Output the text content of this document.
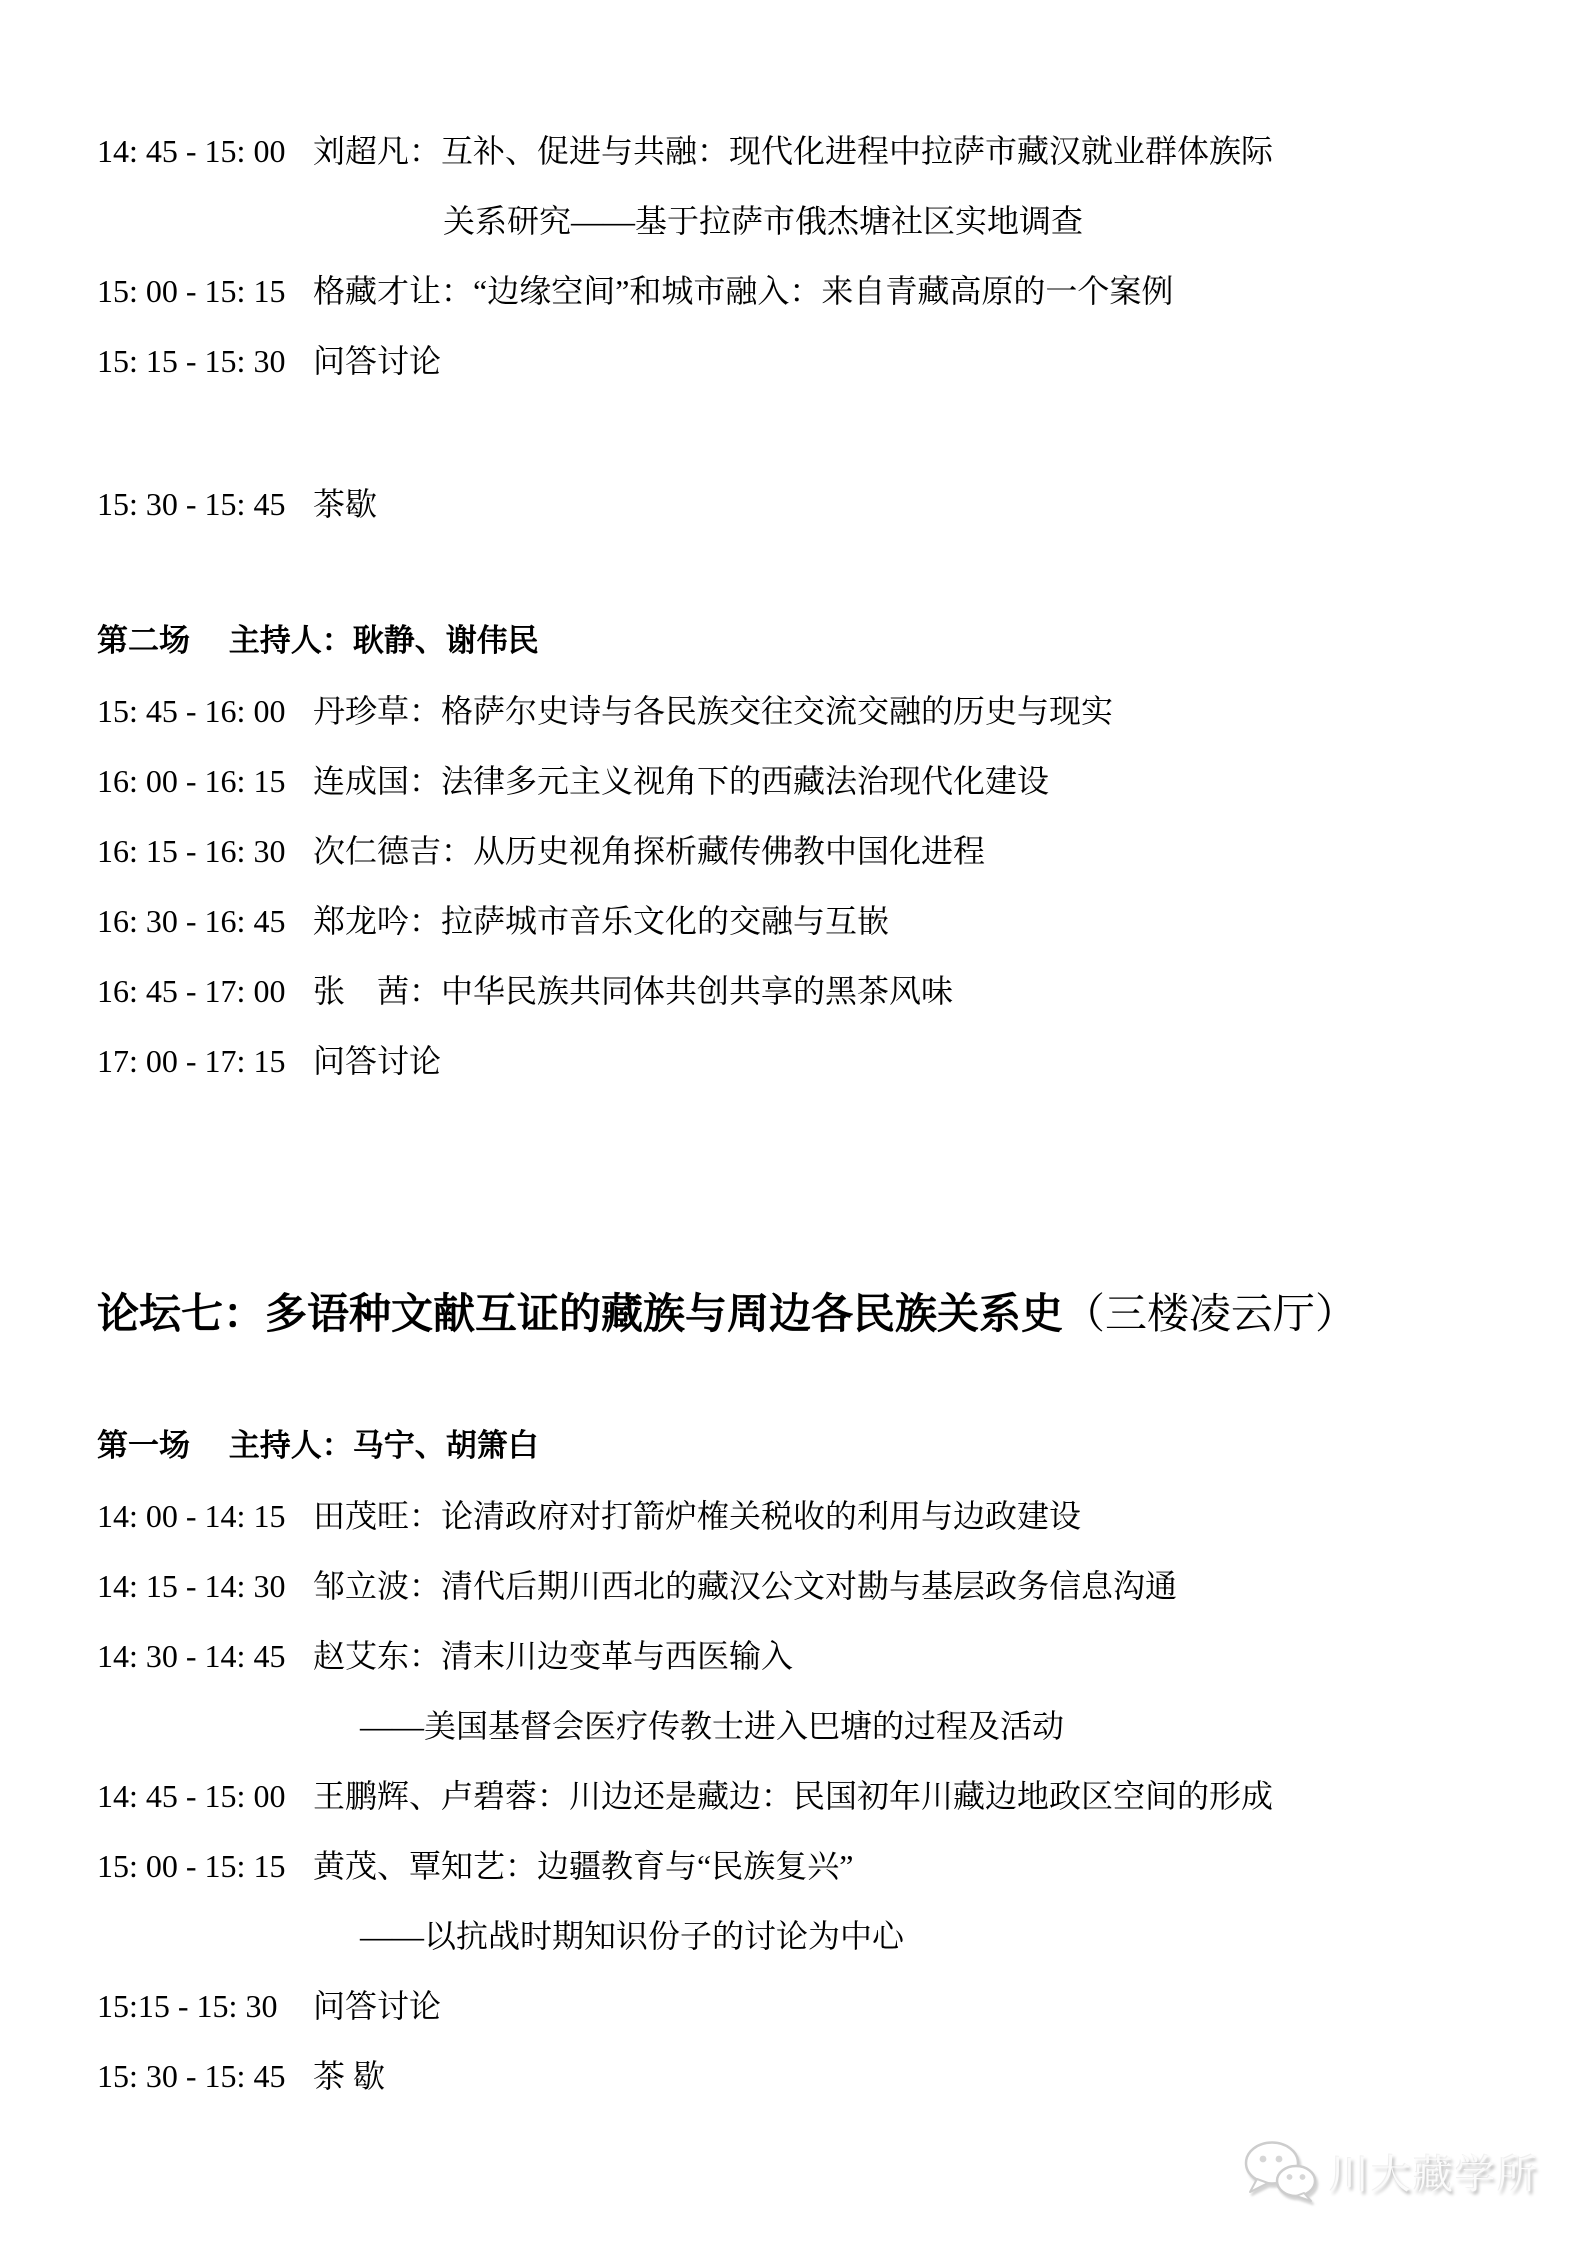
14: 45 - 15: 00 刘超凡：互补、促进与共融：现代化进程中拉萨市藏汉就业群体族际
关系研究——基于拉萨市俄杰塘社区实地调查
15: 00 - 15: 15 格藏才让：“边缘空间”和城市融入：来自青藏高原的一个案例
15: 15 - 15: 30 问答讨论
15: 30 - 15: 45 茶歇
第二场　 主持人：耿静、谢伟民
15: 45 - 16: 00 丹珍草：格萨尔史诗与各民族交往交流交融的历史与现实
16: 00 - 16: 15 连成国：法律多元主义视角下的西藏法治现代化建设
16: 15 - 16: 30 次仁德吉：从历史视角探析藏传佛教中国化进程
16: 30 - 16: 45 郑龙吟：拉萨城市音乐文化的交融与互嵌
16: 45 - 17: 00 张　茜：中华民族共同体共创共享的黑茶风味
17: 00 - 17: 15 问答讨论
论坛七：多语种文献互证的藏族与周边各民族关系史（三楼凌云厅）
第一场　 主持人：马宁、胡箫白
14: 00 - 14: 15 田茂旺：论清政府对打箭炉榷关税收的利用与边政建设
14: 15 - 14: 30 邹立波：清代后期川西北的藏汉公文对勘与基层政务信息沟通
14: 30 - 14: 45 赵艾东：清末川边变革与西医输入
——美国基督会医疗传教士进入巴塘的过程及活动
14: 45 - 15: 00 王鹏辉、卢碧蓉：川边还是藏边：民国初年川藏边地政区空间的形成
15: 00 - 15: 15 黄茂、覃知艺：边疆教育与“民族复兴”
——以抗战时期知识份子的讨论为中心
15:15 - 15: 30	问答讨论
15: 30 - 15: 45 茶 歇
川大藏学所
